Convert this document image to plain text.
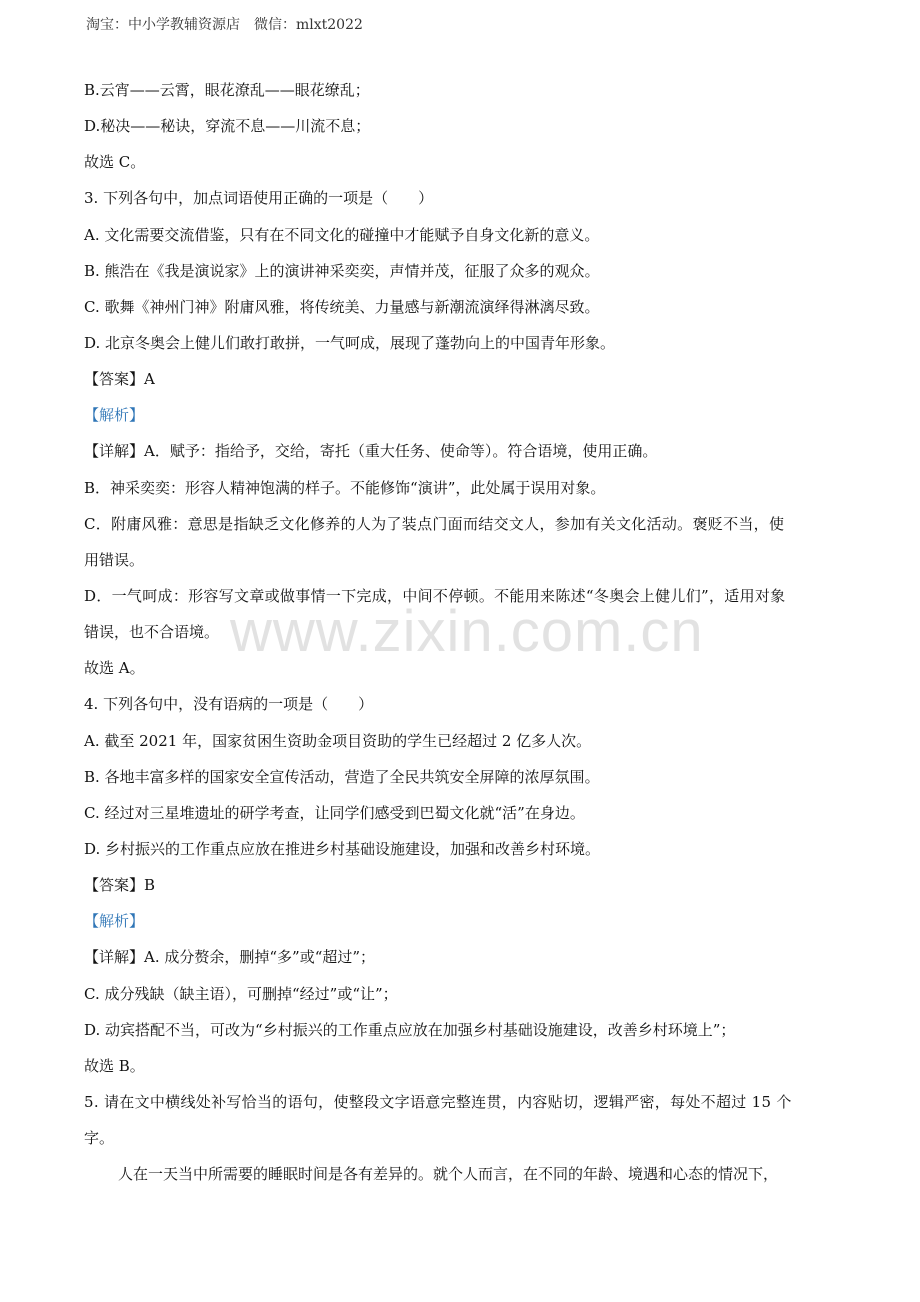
淘宝：中小学教辅资源店　微信：mlxt2022
www.zixin.com.cn
B.云宵——云霄，眼花潦乱——眼花缭乱；
D.秘决——秘诀，穿流不息——川流不息；
故选 C。
3. 下列各句中，加点词语使用正确的一项是（　　）
A. 文化需要交流借鉴，只有在不同文化的碰撞中才能赋予自身文化新的意义。
B. 熊浩在《我是演说家》上的演讲神采奕奕，声情并茂，征服了众多的观众。
C. 歌舞《神州门神》附庸风雅，将传统美、力量感与新潮流演绎得淋漓尽致。
D. 北京冬奥会上健儿们敢打敢拼，一气呵成，展现了蓬勃向上的中国青年形象。
【答案】A
【解析】
【详解】A．赋予：指给予，交给，寄托（重大任务、使命等）。符合语境，使用正确。
B．神采奕奕：形容人精神饱满的样子。不能修饰“演讲”，此处属于误用对象。
C．附庸风雅：意思是指缺乏文化修养的人为了装点门面而结交文人，参加有关文化活动。褒贬不当，使
用错误。
D．一气呵成：形容写文章或做事情一下完成，中间不停顿。不能用来陈述“冬奥会上健儿们”，适用对象
错误，也不合语境。
故选 A。
4. 下列各句中，没有语病的一项是（　　）
A. 截至 2021 年，国家贫困生资助金项目资助的学生已经超过 2 亿多人次。
B. 各地丰富多样的国家安全宣传活动，营造了全民共筑安全屏障的浓厚氛围。
C. 经过对三星堆遗址的研学考查，让同学们感受到巴蜀文化就“活”在身边。
D. 乡村振兴的工作重点应放在推进乡村基础设施建设，加强和改善乡村环境。
【答案】B
【解析】
【详解】A. 成分赘余，删掉“多”或“超过”；
C. 成分残缺（缺主语），可删掉“经过”或“让”；
D. 动宾搭配不当，可改为“乡村振兴的工作重点应放在加强乡村基础设施建设，改善乡村环境上”；
故选 B。
5. 请在文中横线处补写恰当的语句，使整段文字语意完整连贯，内容贴切，逻辑严密，每处不超过 15 个
字。
人在一天当中所需要的睡眠时间是各有差异的。就个人而言，在不同的年龄、境遇和心态的情况下，
